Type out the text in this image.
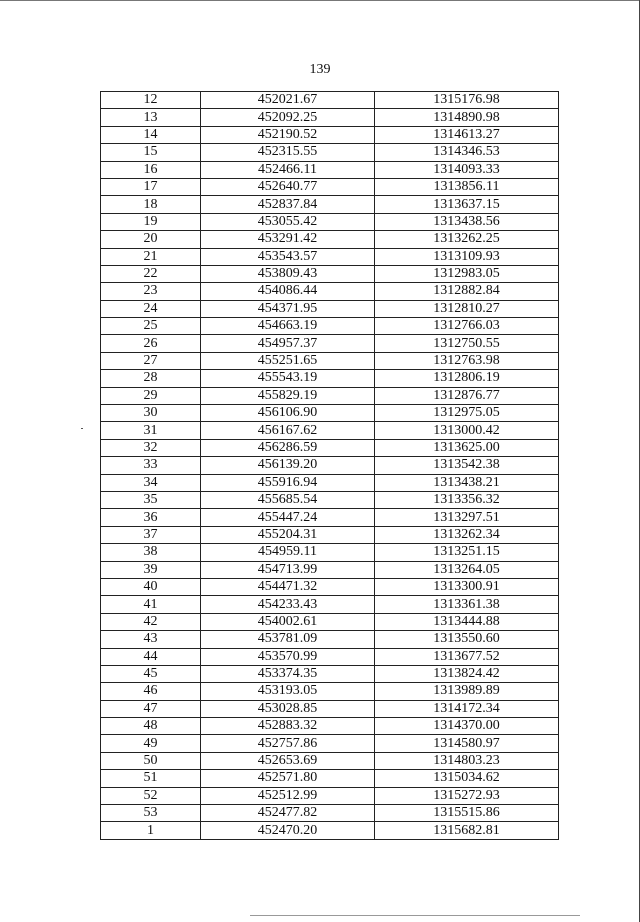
139
12	452021.67	1315176.98
13	452092.25	1314890.98
14	452190.52	1314613.27
15	452315.55	1314346.53
16	452466.11	1314093.33
17	452640.77	1313856.11
18	452837.84	1313637.15
19	453055.42	1313438.56
20	453291.42	1313262.25
21	453543.57	1313109.93
22	453809.43	1312983.05
23	454086.44	1312882.84
24	454371.95	1312810.27
25	454663.19	1312766.03
26	454957.37	1312750.55
27	455251.65	1312763.98
28	455543.19	1312806.19
29	455829.19	1312876.77
30	456106.90	1312975.05
31	456167.62	1313000.42
32	456286.59	1313625.00
33	456139.20	1313542.38
34	455916.94	1313438.21
35	455685.54	1313356.32
36	455447.24	1313297.51
37	455204.31	1313262.34
38	454959.11	1313251.15
39	454713.99	1313264.05
40	454471.32	1313300.91
41	454233.43	1313361.38
42	454002.61	1313444.88
43	453781.09	1313550.60
44	453570.99	1313677.52
45	453374.35	1313824.42
46	453193.05	1313989.89
47	453028.85	1314172.34
48	452883.32	1314370.00
49	452757.86	1314580.97
50	452653.69	1314803.23
51	452571.80	1315034.62
52	452512.99	1315272.93
53	452477.82	1315515.86
1	452470.20	1315682.81
